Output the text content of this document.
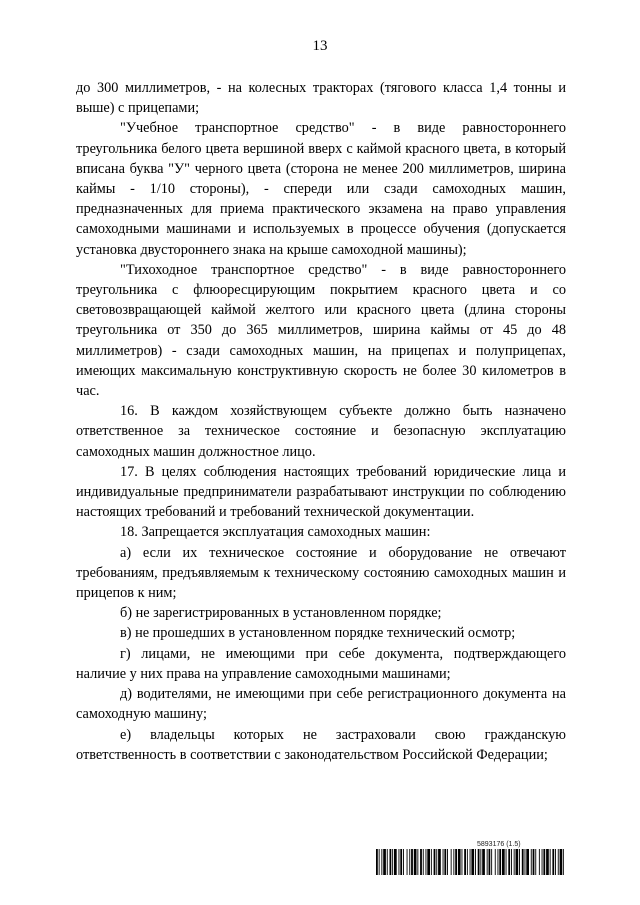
13

до 300 миллиметров, - на колесных тракторах (тягового класса 1,4 тонны и выше) с прицепами;

"Учебное транспортное средство" - в виде равностороннего треугольника белого цвета вершиной вверх с каймой красного цвета, в который вписана буква "У" черного цвета (сторона не менее 200 миллиметров, ширина каймы - 1/10 стороны), - спереди или сзади самоходных машин, предназначенных для приема практического экзамена на право управления самоходными машинами и используемых в процессе обучения (допускается установка двустороннего знака на крыше самоходной машины);

"Тихоходное транспортное средство" - в виде равностороннего треугольника с флюоресцирующим покрытием красного цвета и со световозвращающей каймой желтого или красного цвета (длина стороны треугольника от 350 до 365 миллиметров, ширина каймы от 45 до 48 миллиметров) - сзади самоходных машин, на прицепах и полуприцепах, имеющих максимальную конструктивную скорость не более 30 километров в час.

16. В каждом хозяйствующем субъекте должно быть назначено ответственное за техническое состояние и безопасную эксплуатацию самоходных машин должностное лицо.

17. В целях соблюдения настоящих требований юридические лица и индивидуальные предприниматели разрабатывают инструкции по соблюдению настоящих требований и требований технической документации.

18. Запрещается эксплуатация самоходных машин:

а) если их техническое состояние и оборудование не отвечают требованиям, предъявляемым к техническому состоянию самоходных машин и прицепов к ним;

б) не зарегистрированных в установленном порядке;

в) не прошедших в установленном порядке технический осмотр;

г) лицами, не имеющими при себе документа, подтверждающего наличие у них права на управление самоходными машинами;

д) водителями, не имеющими при себе регистрационного документа на самоходную машину;

е) владельцы которых не застраховали свою гражданскую ответственность в соответствии с законодательством Российской Федерации;

5893176 (1.5)
